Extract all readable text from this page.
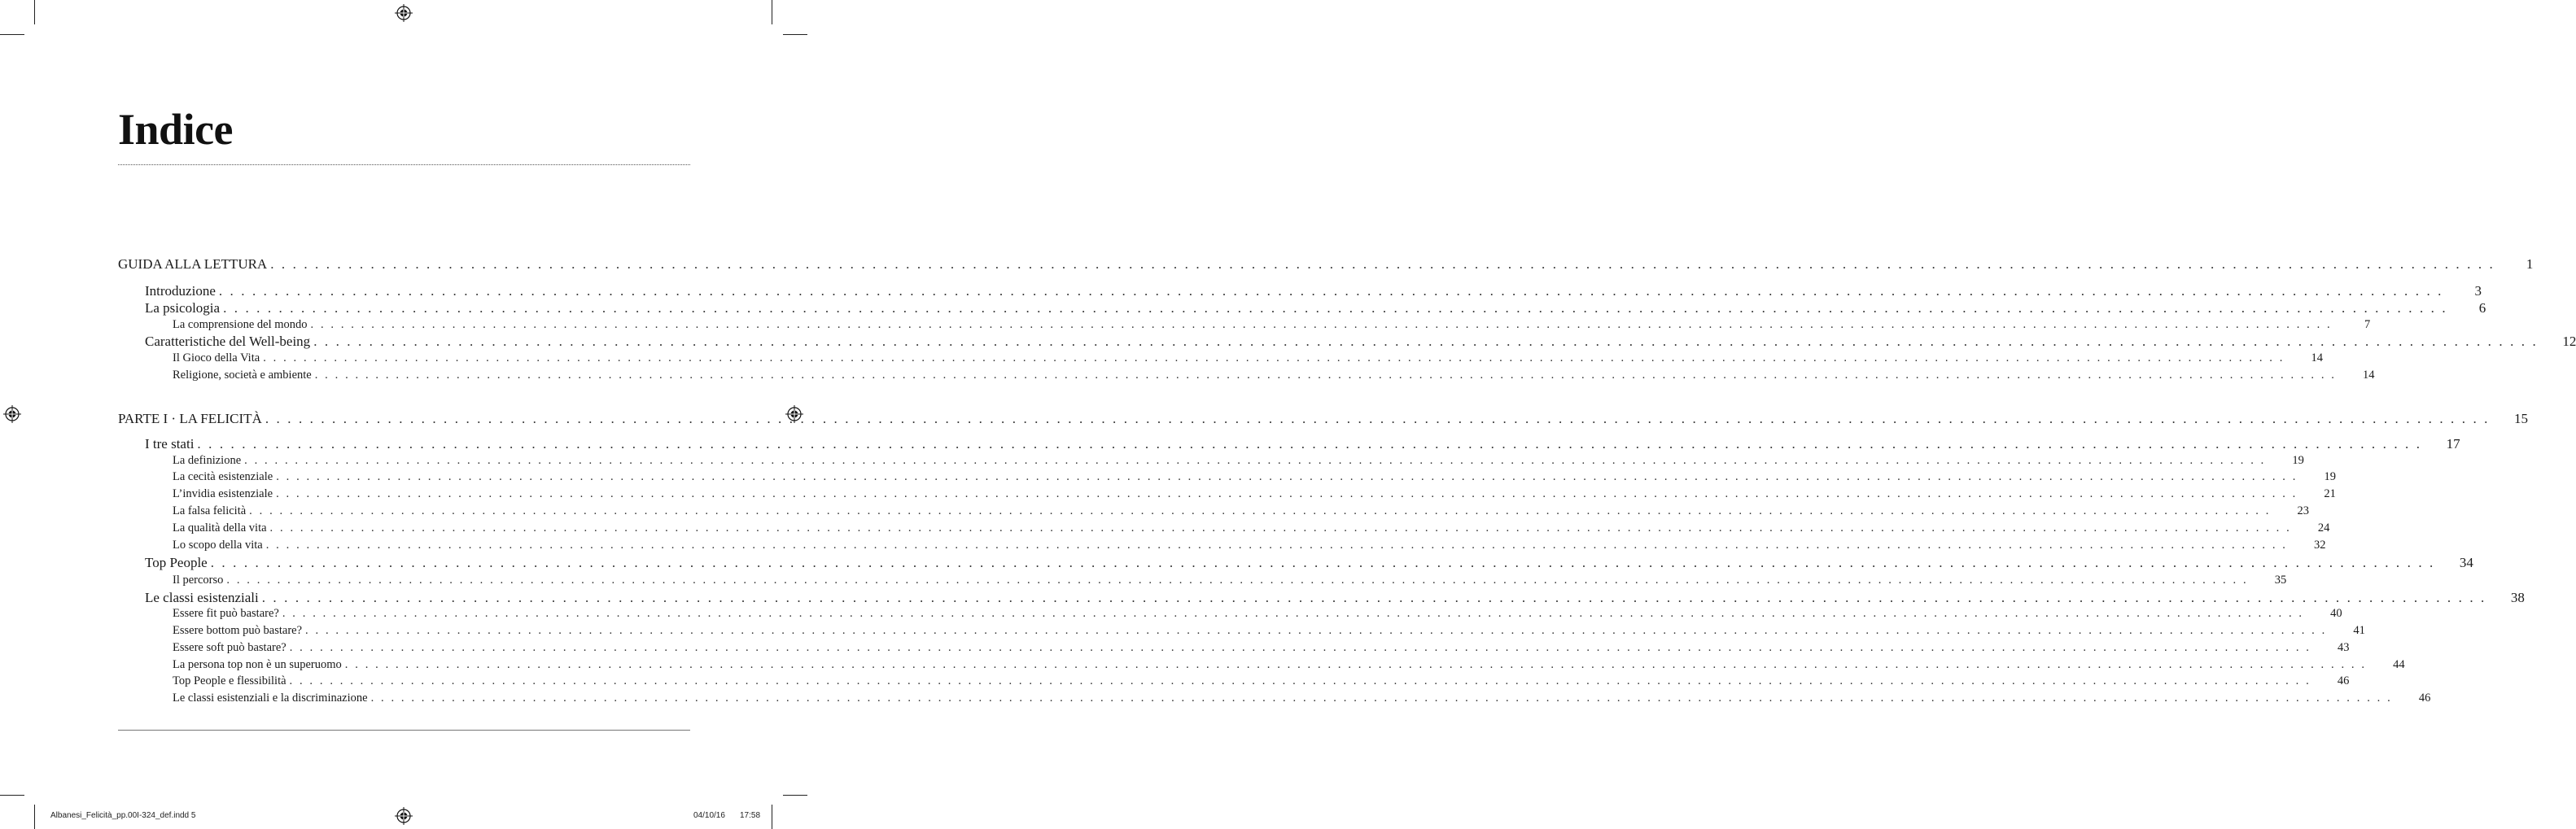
Indice
GUIDA ALLA LETTURA . . . . . . . . . . . . . . . . . . . . . . . . . . . . . . . . . . . . . . . . . . . . . . . . . . . . . . . . . . . . . . . . . . . . . . . . . . . . . . . . . . . . . . . . . . . . . . . . . . . . . . . . . . . . . . . . . . . . . . . . . . . . . . . . . . . . . . . . . . . . . . . . . . . . . . . . . . . . . . . . . . . . . . . . . . . . . . . . . . . . . . . . . . . . . . . . . . . . . . . .	1
Introduzione . . . . . . . . . . . . . . . . . . . . . . . . . . . . . . . . . . . . . . . . . . . . . . . . . . . . . . . . . . . . . . . . . . . . . . . . . . . . . . . . . . . . . . . . . . . . . . . . . . . . . . . . . . . . . . . . . . . . . . . . . . . . . . . . . . . . . . . . . . . . . . . . . . . . . . . . . . . . . . . . . . . . . . . . . . . . . . . . . . . . . . . . . . . . . . . . . . . . . . . .	3
La psicologia . . . . . . . . . . . . . . . . . . . . . . . . . . . . . . . . . . . . . . . . . . . . . . . . . . . . . . . . . . . . . . . . . . . . . . . . . . . . . . . . . . . . . . . . . . . . . . . . . . . . . . . . . . . . . . . . . . . . . . . . . . . . . . . . . . . . . . . . . . . . . . . . . . . . . . . . . . . . . . . . . . . . . . . . . . . . . . . . . . . . . . . . . . . . . . . . . . . . . . . .	6
La comprensione del mondo . . . . . . . . . . . . . . . . . . . . . . . . . . . . . . . . . . . . . . . . . . . . . . . . . . . . . . . . . . . . . . . . . . . . . . . . . . . . . . . . . . . . . . . . . . . . . . . . . . . . . . . . . . . . . . . . . . . . . . . . . . . . . . . . . . . . . . . . . . . . . . . . . . . . . . . . . . . . . . . . . . . . . . . . . . . . . . . . . . . . . . . . . . . . . . . . . . . . . . . .	7
Caratteristiche del Well-being . . . . . . . . . . . . . . . . . . . . . . . . . . . . . . . . . . . . . . . . . . . . . . . . . . . . . . . . . . . . . . . . . . . . . . . . . . . . . . . . . . . . . . . . . . . . . . . . . . . . . . . . . . . . . . . . . . . . . . . . . . . . . . . . . . . . . . . . . . . . . . . . . . . . . . . . . . . . . . . . . . . . . . . . . . . . . . . . . . . . . . . . . . . . . . . . . . . . . . . .	12
Il Gioco della Vita . . . . . . . . . . . . . . . . . . . . . . . . . . . . . . . . . . . . . . . . . . . . . . . . . . . . . . . . . . . . . . . . . . . . . . . . . . . . . . . . . . . . . . . . . . . . . . . . . . . . . . . . . . . . . . . . . . . . . . . . . . . . . . . . . . . . . . . . . . . . . . . . . . . . . . . . . . . . . . . . . . . . . . . . . . . . . . . . . . . . . . . . . . . . . . . . . . . . . . . .	14
Religione, società e ambiente . . . . . . . . . . . . . . . . . . . . . . . . . . . . . . . . . . . . . . . . . . . . . . . . . . . . . . . . . . . . . . . . . . . . . . . . . . . . . . . . . . . . . . . . . . . . . . . . . . . . . . . . . . . . . . . . . . . . . . . . . . . . . . . . . . . . . . . . . . . . . . . . . . . . . . . . . . . . . . . . . . . . . . . . . . . . . . . . . . . . . . . . . . . . . . . . . . . . . . . .	14
PARTE I · LA FELICITÀ . . . . . . . . . . . . . . . . . . . . . . . . . . . . . . . . . . . . . . . . . . . . . . . . . . . . . . . . . . . . . . . . . . . . . . . . . . . . . . . . . . . . . . . . . . . . . . . . . . . . . . . . . . . . . . . . . . . . . . . . . . . . . . . . . . . . . . . . . . . . . . . . . . . . . . . . . . . . . . . . . . . . . . . . . . . . . . . . . . . . . . . . . . . . . . . . . . . . . . . .	15
I tre stati . . . . . . . . . . . . . . . . . . . . . . . . . . . . . . . . . . . . . . . . . . . . . . . . . . . . . . . . . . . . . . . . . . . . . . . . . . . . . . . . . . . . . . . . . . . . . . . . . . . . . . . . . . . . . . . . . . . . . . . . . . . . . . . . . . . . . . . . . . . . . . . . . . . . . . . . . . . . . . . . . . . . . . . . . . . . . . . . . . . . . . . . . . . . . . . . . . . . . . . .	17
La definizione . . . . . . . . . . . . . . . . . . . . . . . . . . . . . . . . . . . . . . . . . . . . . . . . . . . . . . . . . . . . . . . . . . . . . . . . . . . . . . . . . . . . . . . . . . . . . . . . . . . . . . . . . . . . . . . . . . . . . . . . . . . . . . . . . . . . . . . . . . . . . . . . . . . . . . . . . . . . . . . . . . . . . . . . . . . . . . . . . . . . . . . . . . . . . . . . . . . . . . . .	19
La cecità esistenziale . . . . . . . . . . . . . . . . . . . . . . . . . . . . . . . . . . . . . . . . . . . . . . . . . . . . . . . . . . . . . . . . . . . . . . . . . . . . . . . . . . . . . . . . . . . . . . . . . . . . . . . . . . . . . . . . . . . . . . . . . . . . . . . . . . . . . . . . . . . . . . . . . . . . . . . . . . . . . . . . . . . . . . . . . . . . . . . . . . . . . . . . . . . . . . . . . . . . . . . .	19
L’invidia esistenziale . . . . . . . . . . . . . . . . . . . . . . . . . . . . . . . . . . . . . . . . . . . . . . . . . . . . . . . . . . . . . . . . . . . . . . . . . . . . . . . . . . . . . . . . . . . . . . . . . . . . . . . . . . . . . . . . . . . . . . . . . . . . . . . . . . . . . . . . . . . . . . . . . . . . . . . . . . . . . . . . . . . . . . . . . . . . . . . . . . . . . . . . . . . . . . . . . . . . . . . .	21
La falsa felicità . . . . . . . . . . . . . . . . . . . . . . . . . . . . . . . . . . . . . . . . . . . . . . . . . . . . . . . . . . . . . . . . . . . . . . . . . . . . . . . . . . . . . . . . . . . . . . . . . . . . . . . . . . . . . . . . . . . . . . . . . . . . . . . . . . . . . . . . . . . . . . . . . . . . . . . . . . . . . . . . . . . . . . . . . . . . . . . . . . . . . . . . . . . . . . . . . . . . . . . .	23
La qualità della vita . . . . . . . . . . . . . . . . . . . . . . . . . . . . . . . . . . . . . . . . . . . . . . . . . . . . . . . . . . . . . . . . . . . . . . . . . . . . . . . . . . . . . . . . . . . . . . . . . . . . . . . . . . . . . . . . . . . . . . . . . . . . . . . . . . . . . . . . . . . . . . . . . . . . . . . . . . . . . . . . . . . . . . . . . . . . . . . . . . . . . . . . . . . . . . . . . . . . . . . .	24
Lo scopo della vita . . . . . . . . . . . . . . . . . . . . . . . . . . . . . . . . . . . . . . . . . . . . . . . . . . . . . . . . . . . . . . . . . . . . . . . . . . . . . . . . . . . . . . . . . . . . . . . . . . . . . . . . . . . . . . . . . . . . . . . . . . . . . . . . . . . . . . . . . . . . . . . . . . . . . . . . . . . . . . . . . . . . . . . . . . . . . . . . . . . . . . . . . . . . . . . . . . . . . . . .	32
Top People . . . . . . . . . . . . . . . . . . . . . . . . . . . . . . . . . . . . . . . . . . . . . . . . . . . . . . . . . . . . . . . . . . . . . . . . . . . . . . . . . . . . . . . . . . . . . . . . . . . . . . . . . . . . . . . . . . . . . . . . . . . . . . . . . . . . . . . . . . . . . . . . . . . . . . . . . . . . . . . . . . . . . . . . . . . . . . . . . . . . . . . . . . . . . . . . . . . . . . . .	34
Il percorso . . . . . . . . . . . . . . . . . . . . . . . . . . . . . . . . . . . . . . . . . . . . . . . . . . . . . . . . . . . . . . . . . . . . . . . . . . . . . . . . . . . . . . . . . . . . . . . . . . . . . . . . . . . . . . . . . . . . . . . . . . . . . . . . . . . . . . . . . . . . . . . . . . . . . . . . . . . . . . . . . . . . . . . . . . . . . . . . . . . . . . . . . . . . . . . . . . . . . . . .	35
Le classi esistenziali . . . . . . . . . . . . . . . . . . . . . . . . . . . . . . . . . . . . . . . . . . . . . . . . . . . . . . . . . . . . . . . . . . . . . . . . . . . . . . . . . . . . . . . . . . . . . . . . . . . . . . . . . . . . . . . . . . . . . . . . . . . . . . . . . . . . . . . . . . . . . . . . . . . . . . . . . . . . . . . . . . . . . . . . . . . . . . . . . . . . . . . . . . . . . . . . . . . . . . . .	38
Essere fit può bastare? . . . . . . . . . . . . . . . . . . . . . . . . . . . . . . . . . . . . . . . . . . . . . . . . . . . . . . . . . . . . . . . . . . . . . . . . . . . . . . . . . . . . . . . . . . . . . . . . . . . . . . . . . . . . . . . . . . . . . . . . . . . . . . . . . . . . . . . . . . . . . . . . . . . . . . . . . . . . . . . . . . . . . . . . . . . . . . . . . . . . . . . . . . . . . . . . . . . . . . . .	40
Essere bottom può bastare? . . . . . . . . . . . . . . . . . . . . . . . . . . . . . . . . . . . . . . . . . . . . . . . . . . . . . . . . . . . . . . . . . . . . . . . . . . . . . . . . . . . . . . . . . . . . . . . . . . . . . . . . . . . . . . . . . . . . . . . . . . . . . . . . . . . . . . . . . . . . . . . . . . . . . . . . . . . . . . . . . . . . . . . . . . . . . . . . . . . . . . . . . . . . . . . . . . . . . . . .	41
Essere soft può bastare? . . . . . . . . . . . . . . . . . . . . . . . . . . . . . . . . . . . . . . . . . . . . . . . . . . . . . . . . . . . . . . . . . . . . . . . . . . . . . . . . . . . . . . . . . . . . . . . . . . . . . . . . . . . . . . . . . . . . . . . . . . . . . . . . . . . . . . . . . . . . . . . . . . . . . . . . . . . . . . . . . . . . . . . . . . . . . . . . . . . . . . . . . . . . . . . . . . . . . . . .	43
La persona top non è un superuomo . . . . . . . . . . . . . . . . . . . . . . . . . . . . . . . . . . . . . . . . . . . . . . . . . . . . . . . . . . . . . . . . . . . . . . . . . . . . . . . . . . . . . . . . . . . . . . . . . . . . . . . . . . . . . . . . . . . . . . . . . . . . . . . . . . . . . . . . . . . . . . . . . . . . . . . . . . . . . . . . . . . . . . . . . . . . . . . . . . . . . . . . . . . . . . . . . . . . . . . .	44
Top People e flessibilità . . . . . . . . . . . . . . . . . . . . . . . . . . . . . . . . . . . . . . . . . . . . . . . . . . . . . . . . . . . . . . . . . . . . . . . . . . . . . . . . . . . . . . . . . . . . . . . . . . . . . . . . . . . . . . . . . . . . . . . . . . . . . . . . . . . . . . . . . . . . . . . . . . . . . . . . . . . . . . . . . . . . . . . . . . . . . . . . . . . . . . . . . . . . . . . . . . . . . . . .	46
Le classi esistenziali e la discriminazione . . . . . . . . . . . . . . . . . . . . . . . . . . . . . . . . . . . . . . . . . . . . . . . . . . . . . . . . . . . . . . . . . . . . . . . . . . . . . . . . . . . . . . . . . . . . . . . . . . . . . . . . . . . . . . . . . . . . . . . . . . . . . . . . . . . . . . . . . . . . . . . . . . . . . . . . . . . . . . . . . . . . . . . . . . . . . . . . . . . . . . . . . . . . . . . . . . . . . . . .	46
Albanesi_Felicità_pp.00I-324_def.indd 5	04/10/16 17:58
